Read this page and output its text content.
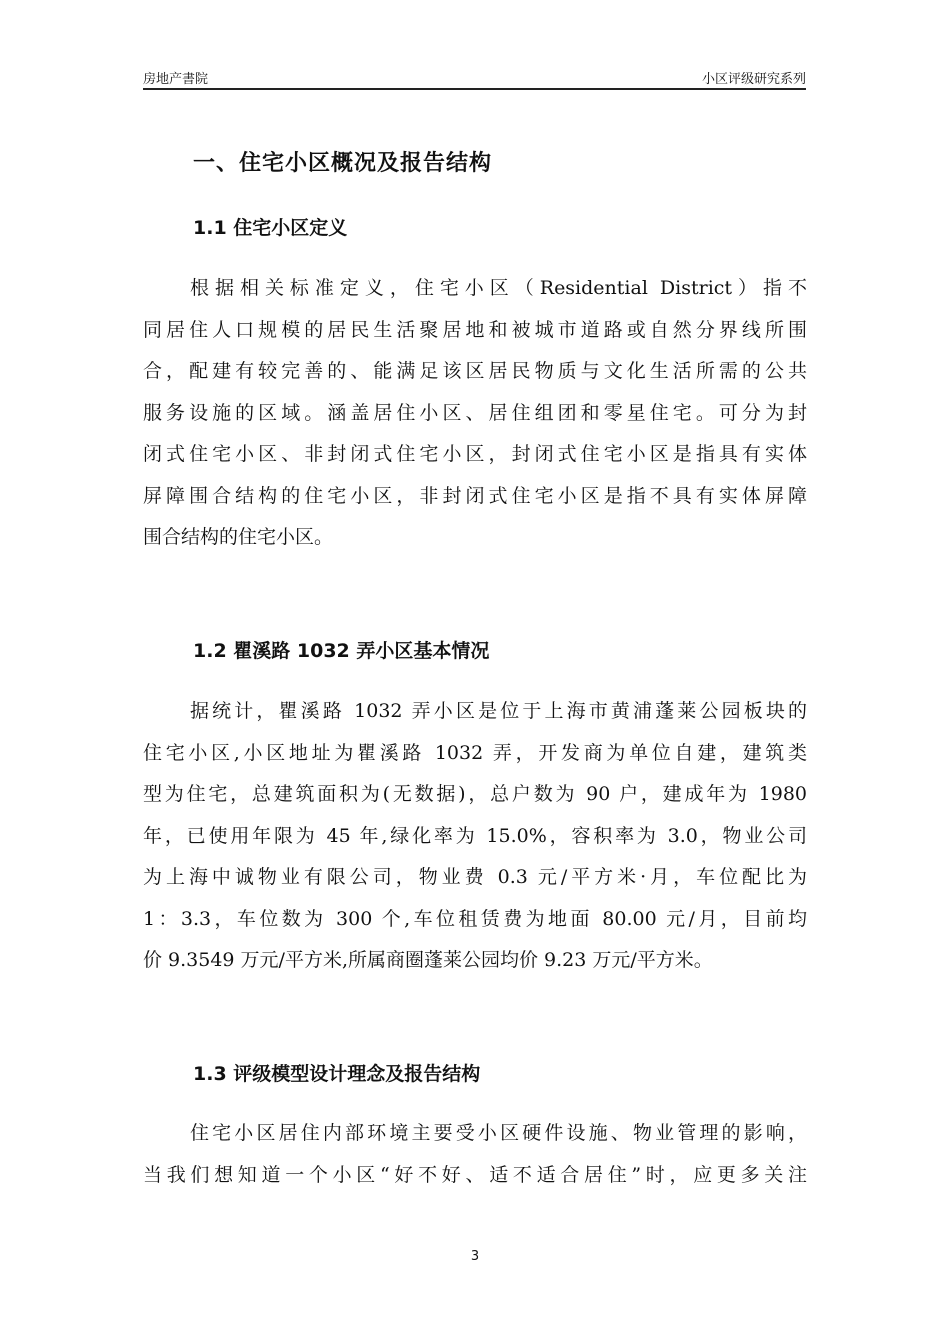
房地产書院	小区评级研究系列
一、住宅小区概况及报告结构
1.1 住宅小区定义
根据相关标准定义，住宅小区（Residential District）指不
同居住人口规模的居民生活聚居地和被城市道路或自然分界线所围
合，配建有较完善的、能满足该区居民物质与文化生活所需的公共
服务设施的区域。涵盖居住小区、居住组团和零星住宅。可分为封
闭式住宅小区、非封闭式住宅小区，封闭式住宅小区是指具有实体
屏障围合结构的住宅小区，非封闭式住宅小区是指不具有实体屏障
围合结构的住宅小区。
1.2 瞿溪路 1032 弄小区基本情况
据统计，瞿溪路 1032 弄小区是位于上海市黄浦蓬莱公园板块的
住宅小区,小区地址为瞿溪路 1032 弄，开发商为单位自建，建筑类
型为住宅，总建筑面积为(无数据)，总户数为 90 户，建成年为 1980
年，已使用年限为 45 年,绿化率为 15.0%，容积率为 3.0，物业公司
为上海中诚物业有限公司，物业费 0.3 元/平方米·月，车位配比为
1：3.3，车位数为 300 个,车位租赁费为地面 80.00 元/月，目前均
价 9.3549 万元/平方米,所属商圈蓬莱公园均价 9.23 万元/平方米。
1.3 评级模型设计理念及报告结构
住宅小区居住内部环境主要受小区硬件设施、物业管理的影响，
当我们想知道一个小区“好不好、适不适合居住”时，应更多关注
3
